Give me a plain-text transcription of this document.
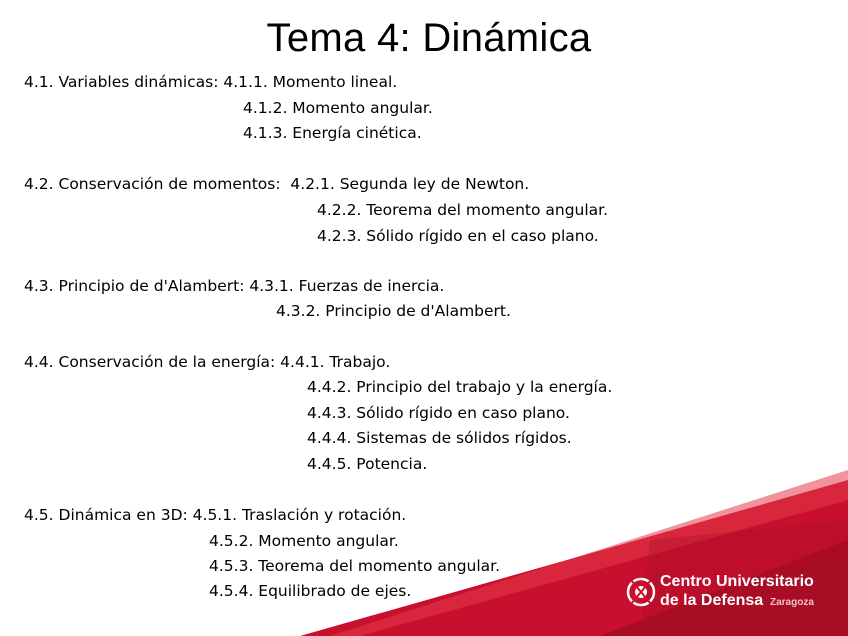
Tema 4: Dinámica
4.1. Variables dinámicas: 4.1.1. Momento lineal.
4.1.2. Momento angular.
4.1.3. Energía cinética.
4.2. Conservación de momentos:  4.2.1. Segunda ley de Newton.
4.2.2. Teorema del momento angular.
4.2.3. Sólido rígido en el caso plano.
4.3. Principio de d'Alambert: 4.3.1. Fuerzas de inercia.
4.3.2. Principio de d'Alambert.
4.4. Conservación de la energía: 4.4.1. Trabajo.
4.4.2. Principio del trabajo y la energía.
4.4.3. Sólido rígido en caso plano.
4.4.4. Sistemas de sólidos rígidos.
4.4.5. Potencia.
4.5. Dinámica en 3D: 4.5.1. Traslación y rotación.
4.5.2. Momento angular.
4.5.3. Teorema del momento angular.
4.5.4. Equilibrado de ejes.
Centro Universitario
de la Defensa Zaragoza
